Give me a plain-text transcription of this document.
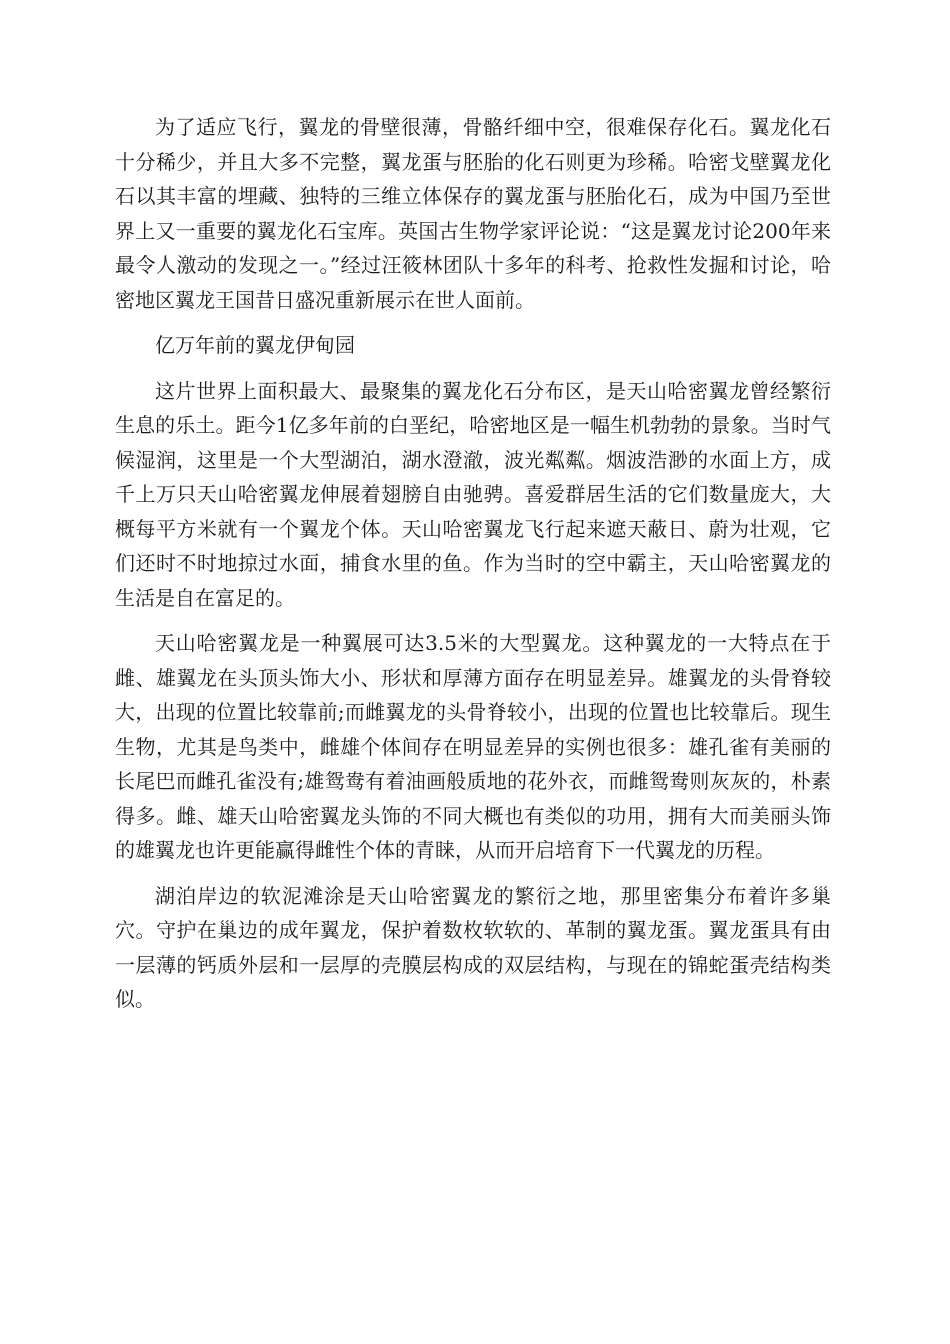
为了适应飞行，翼龙的骨壁很薄，骨骼纤细中空，很难保存化石。翼龙化石十分稀少，并且大多不完整，翼龙蛋与胚胎的化石则更为珍稀。哈密戈壁翼龙化石以其丰富的埋藏、独特的三维立体保存的翼龙蛋与胚胎化石，成为中国乃至世界上又一重要的翼龙化石宝库。英国古生物学家评论说：“这是翼龙讨论200年来最令人激动的发现之一。”经过汪筱林团队十多年的科考、抢救性发掘和讨论，哈密地区翼龙王国昔日盛况重新展示在世人面前。

亿万年前的翼龙伊甸园

这片世界上面积最大、最聚集的翼龙化石分布区，是天山哈密翼龙曾经繁衍生息的乐土。距今1亿多年前的白垩纪，哈密地区是一幅生机勃勃的景象。当时气候湿润，这里是一个大型湖泊，湖水澄澈，波光粼粼。烟波浩渺的水面上方，成千上万只天山哈密翼龙伸展着翅膀自由驰骋。喜爱群居生活的它们数量庞大，大概每平方米就有一个翼龙个体。天山哈密翼龙飞行起来遮天蔽日、蔚为壮观，它们还时不时地掠过水面，捕食水里的鱼。作为当时的空中霸主，天山哈密翼龙的生活是自在富足的。

天山哈密翼龙是一种翼展可达3.5米的大型翼龙。这种翼龙的一大特点在于雌、雄翼龙在头顶头饰大小、形状和厚薄方面存在明显差异。雄翼龙的头骨脊较大，出现的位置比较靠前;而雌翼龙的头骨脊较小，出现的位置也比较靠后。现生生物，尤其是鸟类中，雌雄个体间存在明显差异的实例也很多：雄孔雀有美丽的长尾巴而雌孔雀没有;雄鸳鸯有着油画般质地的花外衣，而雌鸳鸯则灰灰的，朴素得多。雌、雄天山哈密翼龙头饰的不同大概也有类似的功用，拥有大而美丽头饰的雄翼龙也许更能赢得雌性个体的青睐，从而开启培育下一代翼龙的历程。

湖泊岸边的软泥滩涂是天山哈密翼龙的繁衍之地，那里密集分布着许多巢穴。守护在巢边的成年翼龙，保护着数枚软软的、革制的翼龙蛋。翼龙蛋具有由一层薄的钙质外层和一层厚的壳膜层构成的双层结构，与现在的锦蛇蛋壳结构类似。
